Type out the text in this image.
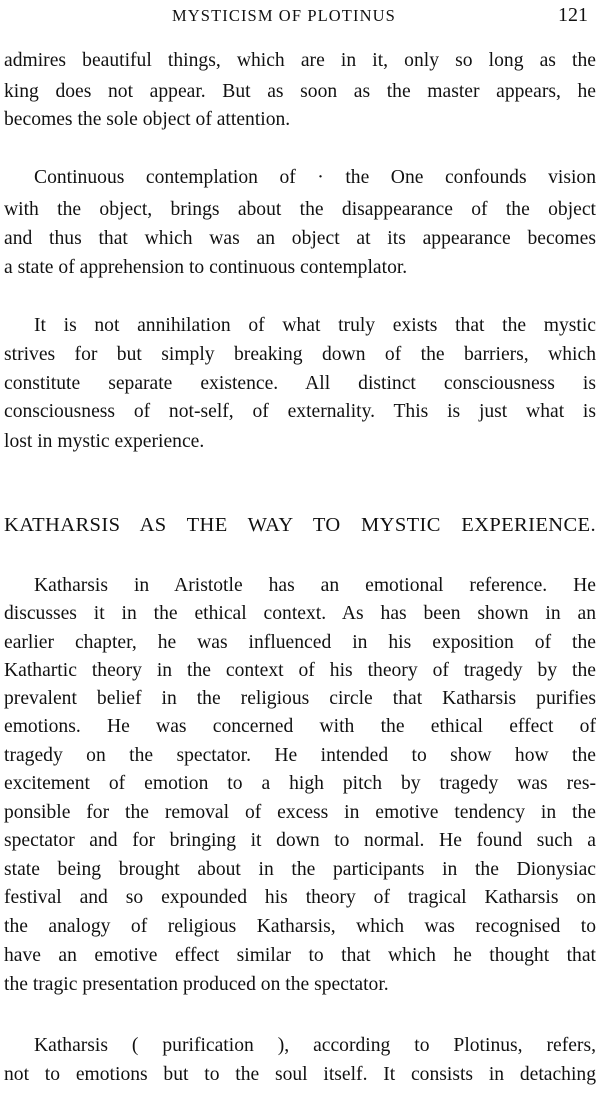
MYSTICISM OF PLOTINUS	121
admires beautiful things, which are in it, only so long as the
king does not appear. But as soon as the master appears, he
becomes the sole object of attention.
Continuous contemplation of · the One confounds vision
with the object, brings about the disappearance of the object
and thus that which was an object at its appearance becomes
a state of apprehension to continuous contemplator.
It is not annihilation of what truly exists that the mystic
strives for but simply breaking down of the barriers, which
constitute separate existence. All distinct consciousness is
consciousness of not-self, of externality. This is just what is
lost in mystic experience.
KATHARSIS AS THE WAY TO MYSTIC EXPERIENCE.
Katharsis in Aristotle has an emotional reference. He
discusses it in the ethical context. As has been shown in an
earlier chapter, he was influenced in his exposition of the
Kathartic theory in the context of his theory of tragedy by the
prevalent belief in the religious circle that Katharsis purifies
emotions. He was concerned with the ethical effect of
tragedy on the spectator. He intended to show how the
excitement of emotion to a high pitch by tragedy was res-
ponsible for the removal of excess in emotive tendency in the
spectator and for bringing it down to normal. He found such a
state being brought about in the participants in the Dionysiac
festival and so expounded his theory of tragical Katharsis on
the analogy of religious Katharsis, which was recognised to
have an emotive effect similar to that which he thought that
the tragic presentation produced on the spectator.
Katharsis ( purification ), according to Plotinus, refers,
not to emotions but to the soul itself. It consists in detaching
